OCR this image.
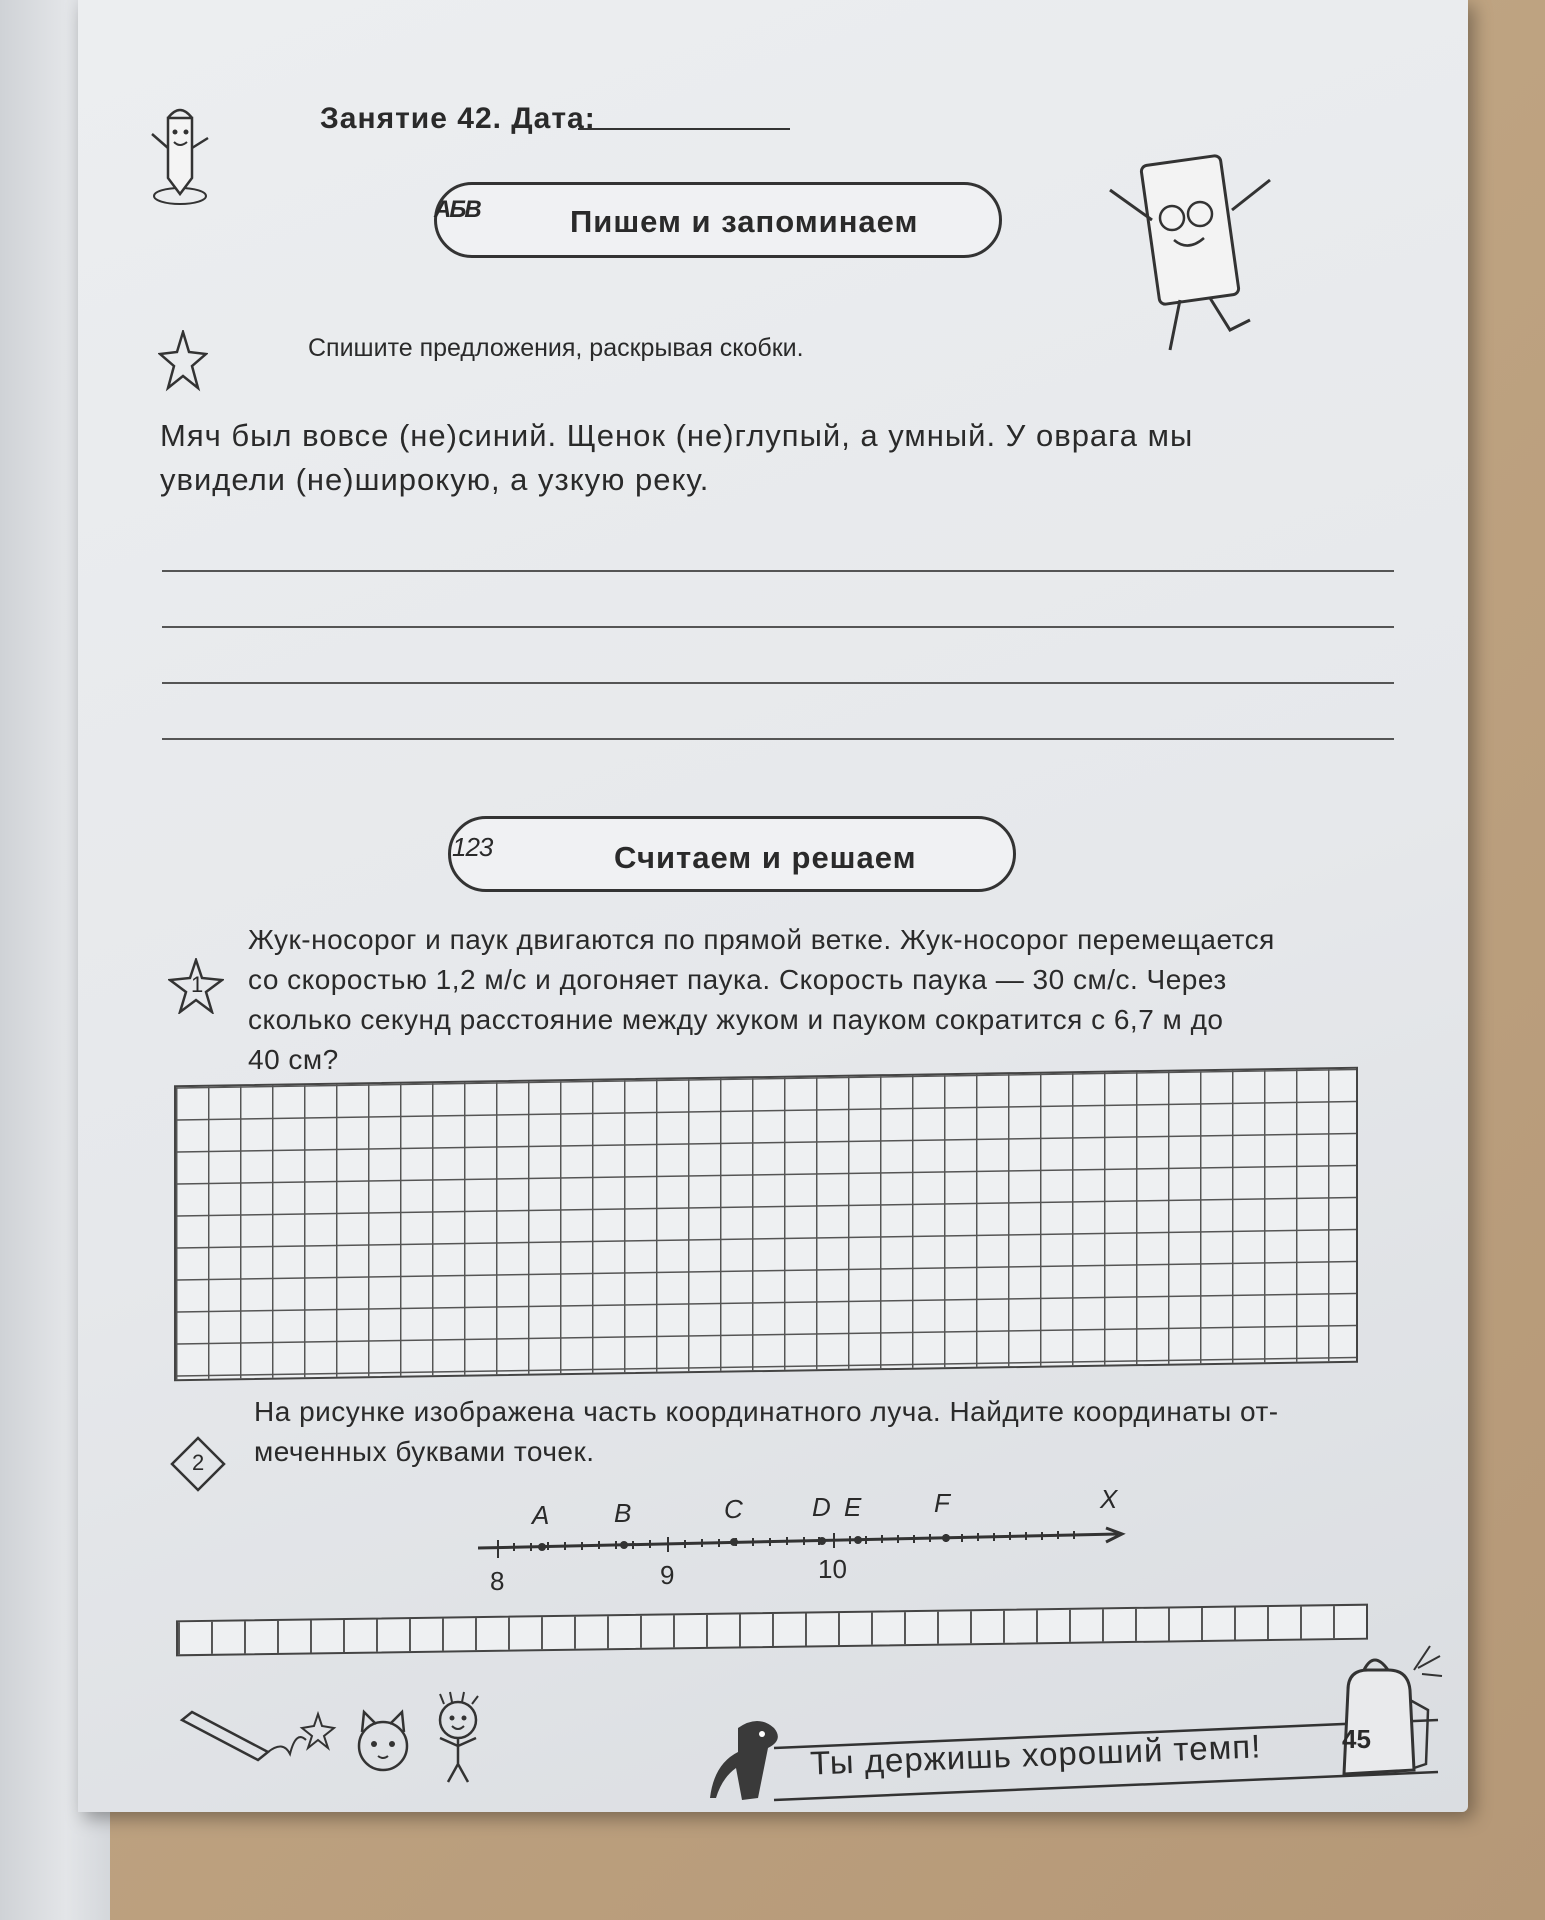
Занятие 42. Дата:
АБВ	Пишем и запоминаем
Спишите предложения, раскрывая скобки.
Мяч был вовсе (не)синий. Щенок (не)глупый, а умный. У оврага мы
увидели (не)широкую, а узкую реку.
123	Считаем и решаем
1
Жук-носорог и паук двигаются по прямой ветке. Жук-носорог перемещается
со скоростью 1,2 м/с и догоняет паука. Скорость паука — 30 см/с. Через
сколько секунд расстояние между жуком и пауком сократится с 6,7 м до
40 см?
2
На рисунке изображена часть координатного луча. Найдите координаты от-
меченных буквами точек.
A B	C	D E	F	X
8	9	10
Ты держишь хороший темп!	45
